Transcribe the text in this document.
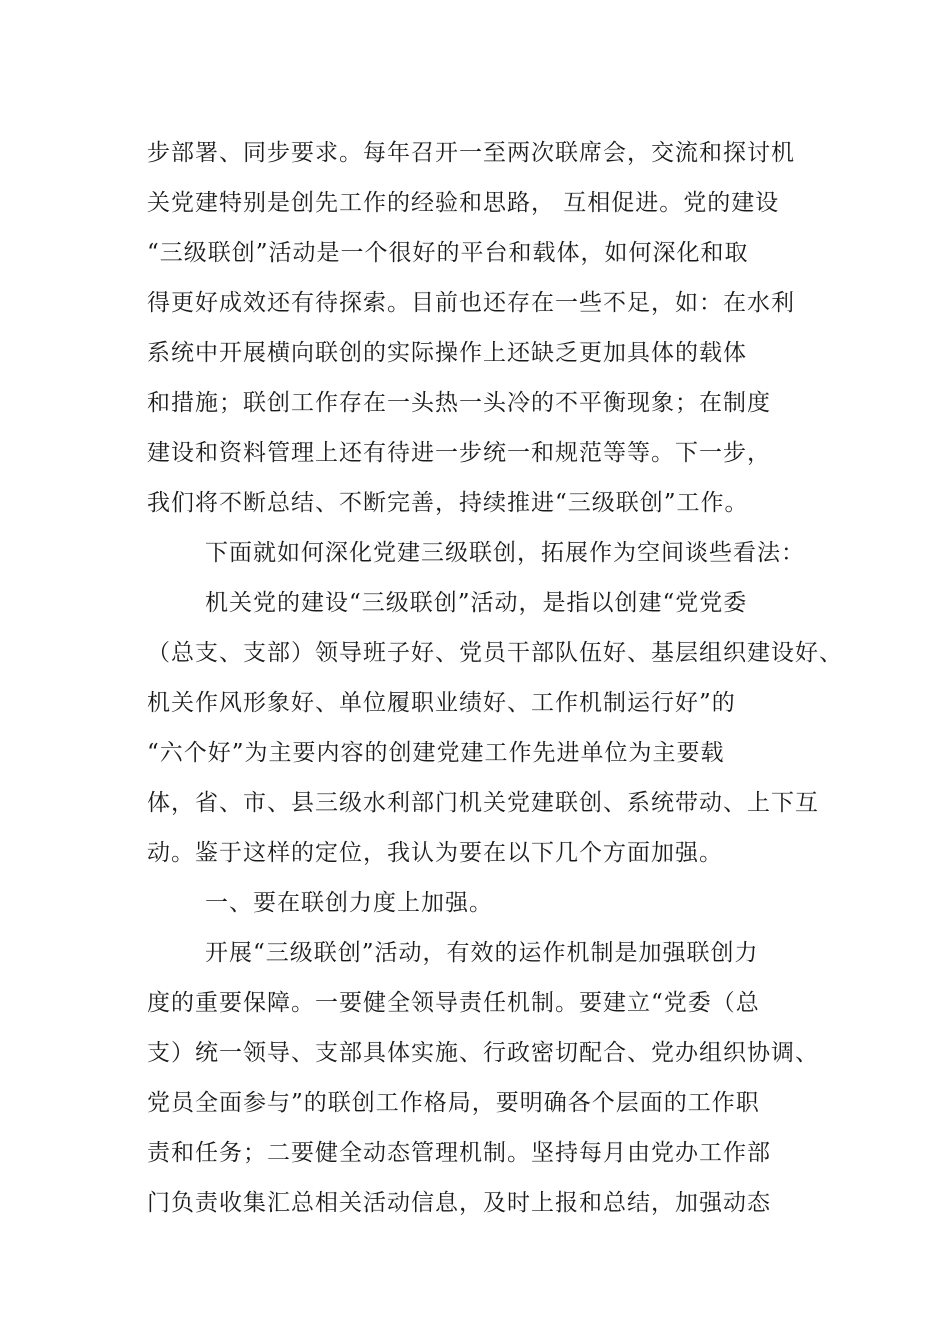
步部署、同步要求。每年召开一至两次联席会，交流和探讨机
关党建特别是创先工作的经验和思路， 互相促进。党的建设
“三级联创”活动是一个很好的平台和载体，如何深化和取
得更好成效还有待探索。目前也还存在一些不足，如：在水利
系统中开展横向联创的实际操作上还缺乏更加具体的载体
和措施；联创工作存在一头热一头冷的不平衡现象；在制度
建设和资料管理上还有待进一步统一和规范等等。下一步，
我们将不断总结、不断完善，持续推进“三级联创”工作。
下面就如何深化党建三级联创，拓展作为空间谈些看法：
机关党的建设“三级联创”活动，是指以创建“党党委
（总支、支部）领导班子好、党员干部队伍好、基层组织建设好、
机关作风形象好、单位履职业绩好、工作机制运行好”的
“六个好”为主要内容的创建党建工作先进单位为主要载
体，省、市、县三级水利部门机关党建联创、系统带动、上下互
动。鉴于这样的定位，我认为要在以下几个方面加强。
一、要在联创力度上加强。
开展“三级联创”活动，有效的运作机制是加强联创力
度的重要保障。一要健全领导责任机制。要建立“党委（总
支）统一领导、支部具体实施、行政密切配合、党办组织协调、
党员全面参与”的联创工作格局，要明确各个层面的工作职
责和任务；二要健全动态管理机制。坚持每月由党办工作部
门负责收集汇总相关活动信息，及时上报和总结，加强动态
